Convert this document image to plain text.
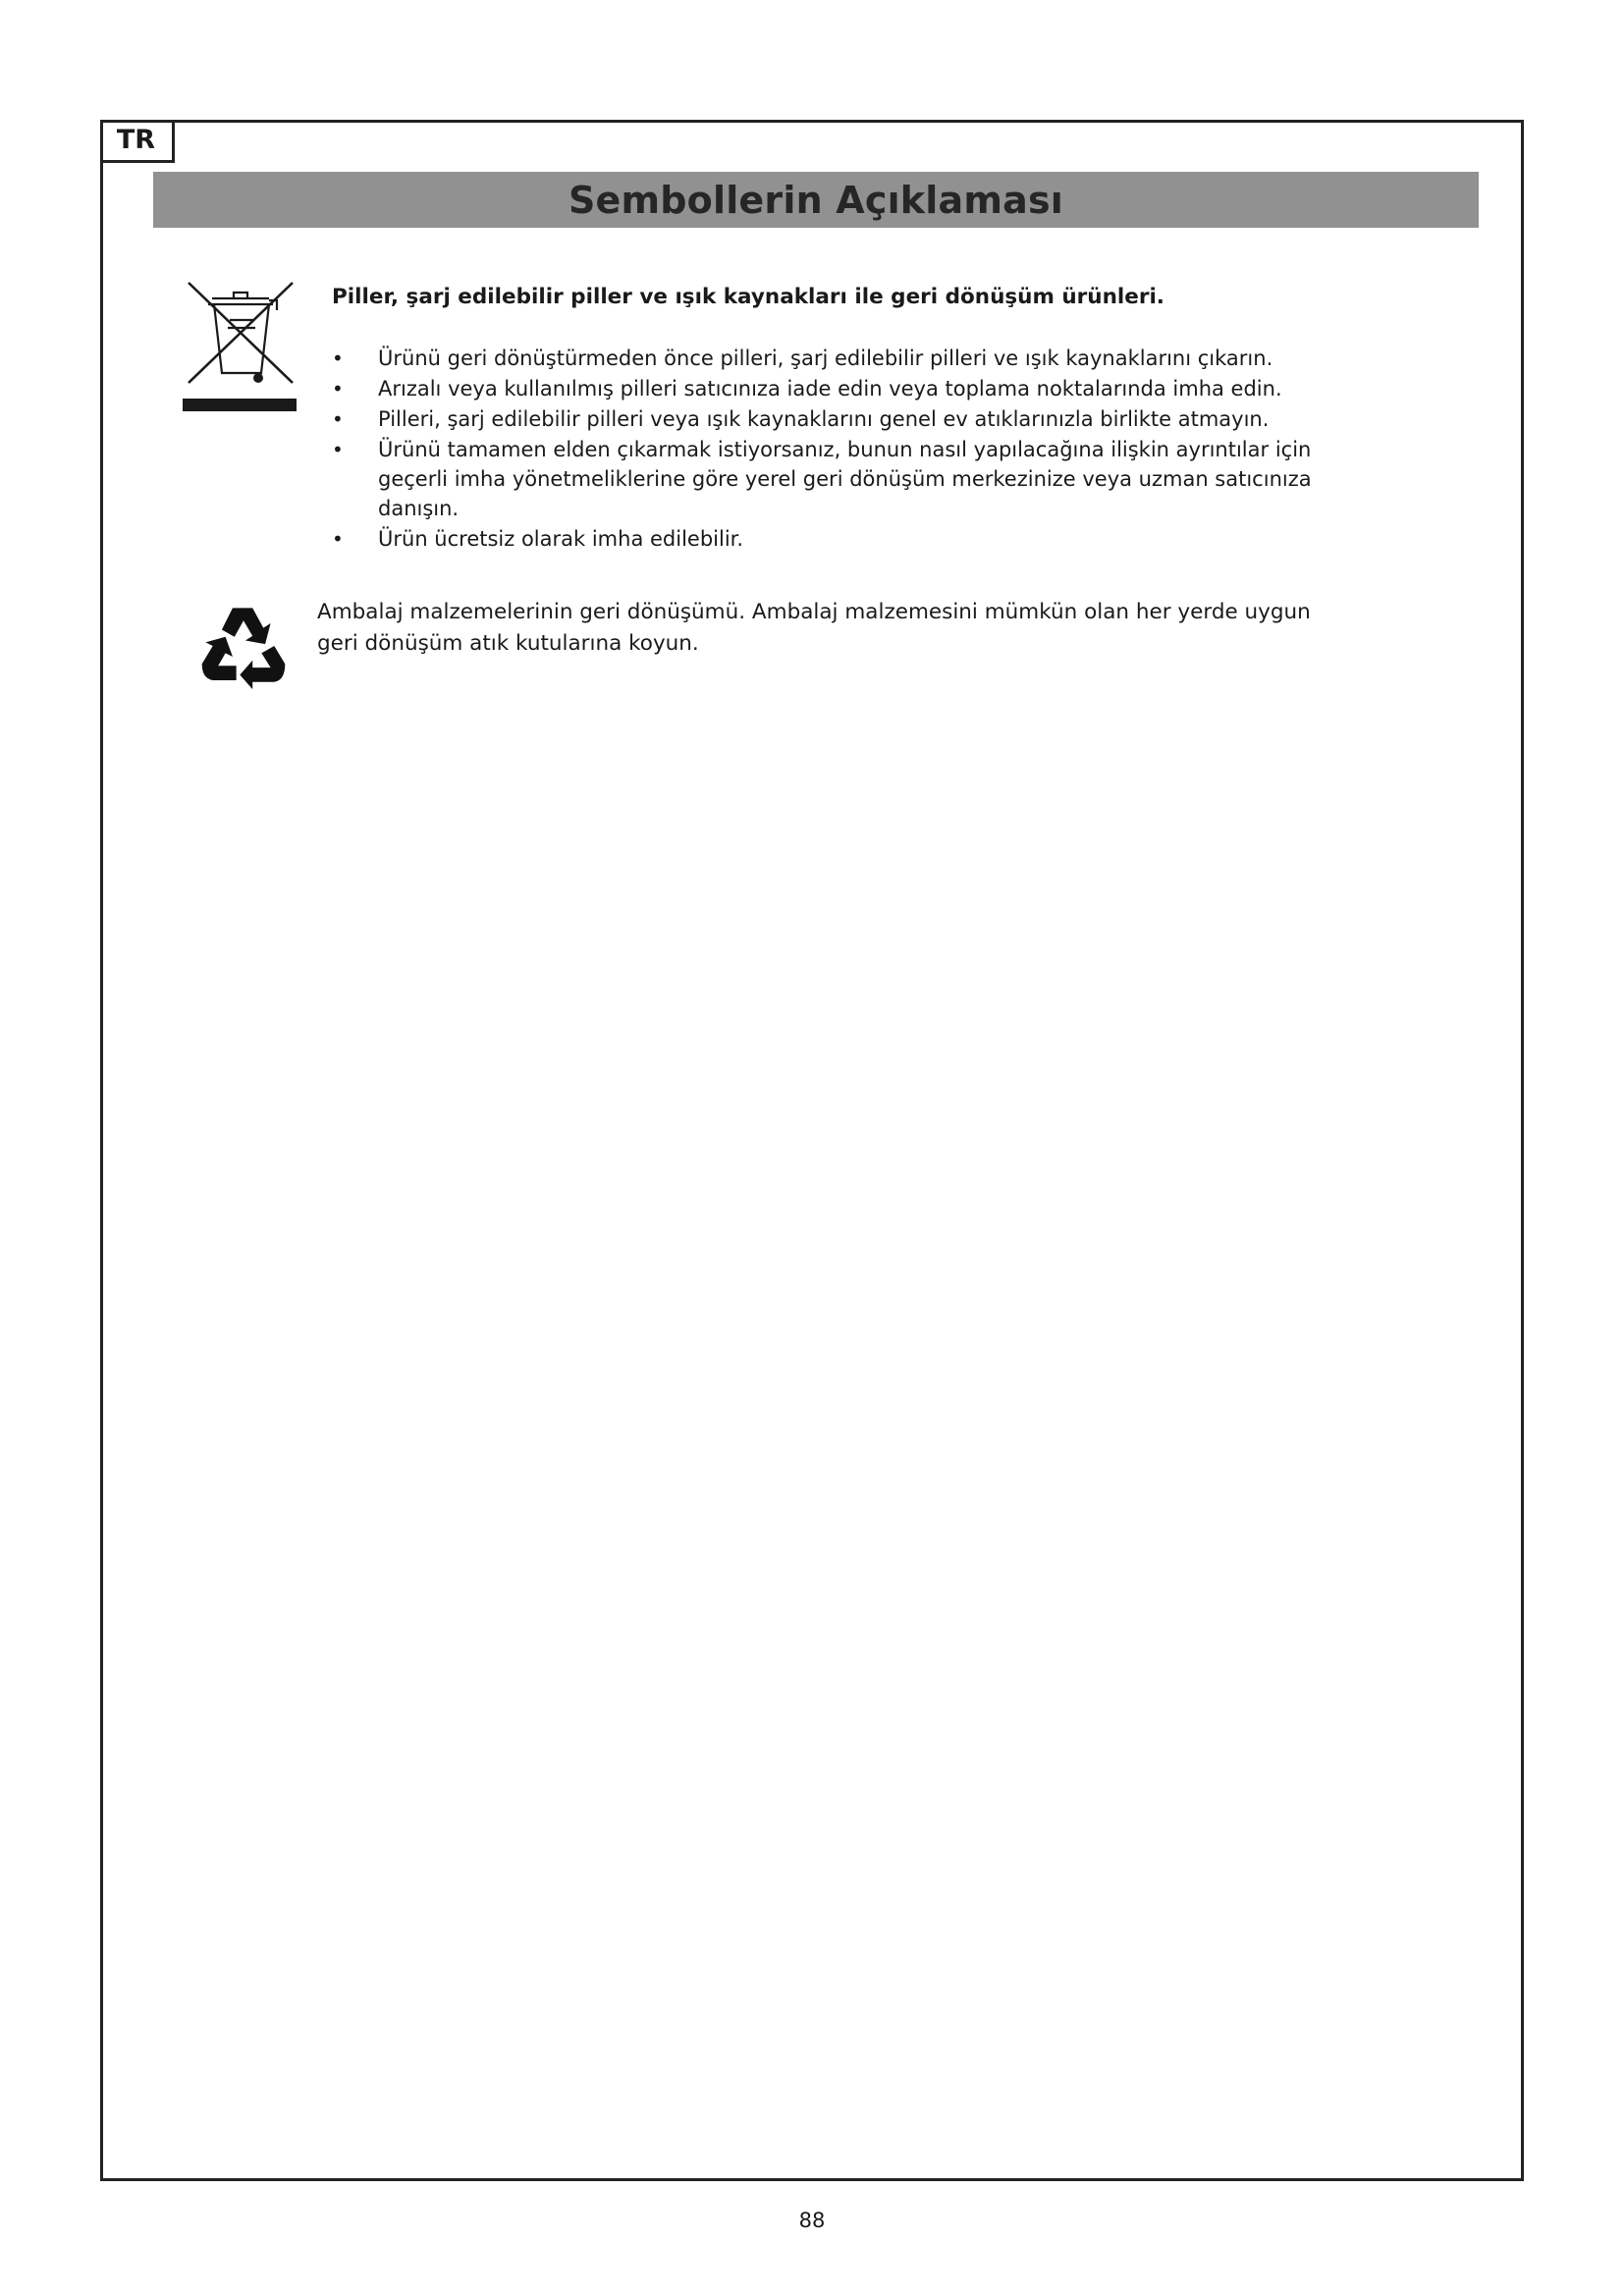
TR
Sembollerin Açıklaması
Piller, şarj edilebilir piller ve ışık kaynakları ile geri dönüşüm ürünleri.
•	Ürünü geri dönüştürmeden önce pilleri, şarj edilebilir pilleri ve ışık kaynaklarını çıkarın.
•	Arızalı veya kullanılmış pilleri satıcınıza iade edin veya toplama noktalarında imha edin.
•	Pilleri, şarj edilebilir pilleri veya ışık kaynaklarını genel ev atıklarınızla birlikte atmayın.
•	Ürünü tamamen elden çıkarmak istiyorsanız, bunun nasıl yapılacağına ilişkin ayrıntılar için geçerli imha yönetmeliklerine göre yerel geri dönüşüm merkezinize veya uzman satıcınıza danışın.
•	Ürün ücretsiz olarak imha edilebilir.

Ambalaj malzemelerinin geri dönüşümü. Ambalaj malzemesini mümkün olan her yerde uygun geri dönüşüm atık kutularına koyun.

88
